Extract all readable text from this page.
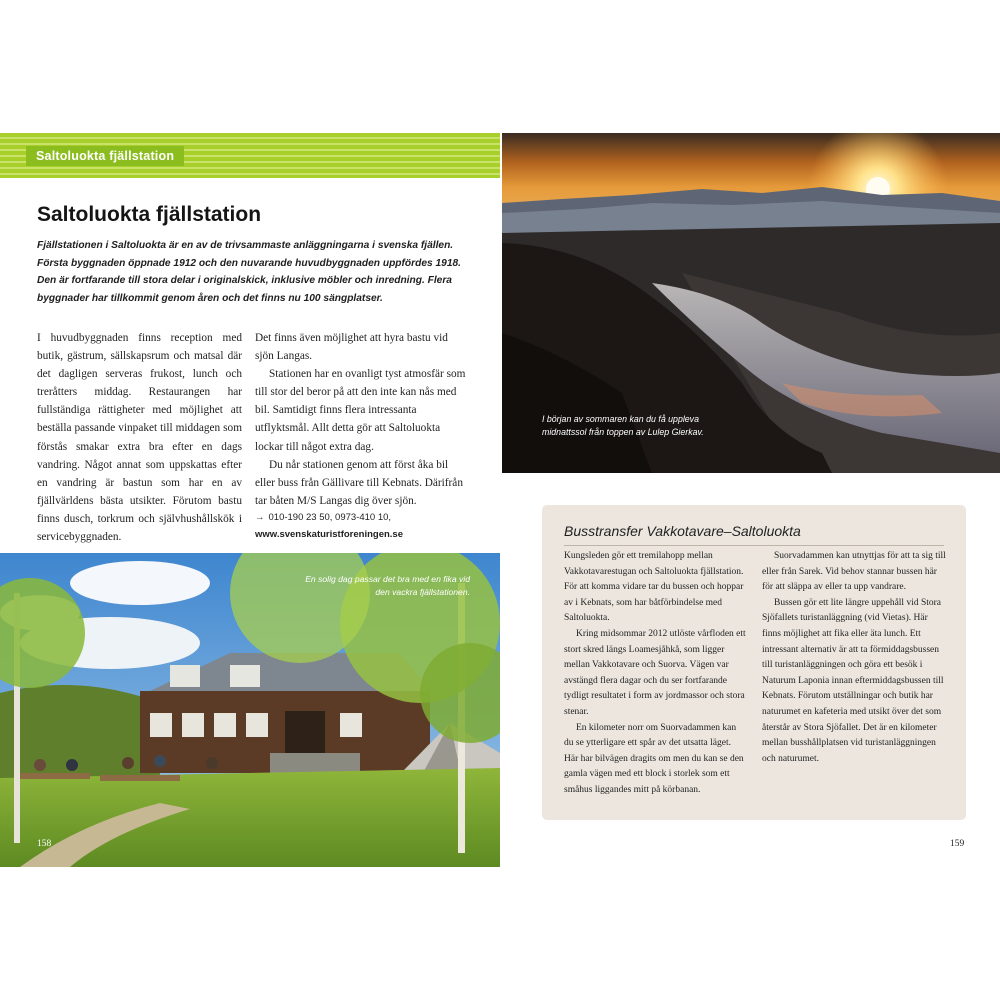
Saltoluokta fjällstation
Saltoluokta fjällstation

Fjällstationen i Saltoluokta är en av de trivsammaste anläggningarna i svenska fjällen. Första byggnaden öppnade 1912 och den nuvarande huvudbyggnaden uppfördes 1918. Den är fortfarande till stora delar i originalskick, inklusive möbler och inredning. Flera byggnader har tillkommit genom åren och det finns nu 100 sängplatser.

I huvudbyggnaden finns reception med butik, gästrum, sällskapsrum och matsal där det dagligen serveras frukost, lunch och treråtters middag. Restaurangen har fullständiga rättigheter med möjlighet att beställa passande vinpaket till middagen som förstås smakar extra bra efter en dags vandring. Något annat som uppskattas efter en vandring är bastun som har en av fjällvärldens bästa utsikter. Förutom bastu finns dusch, torkrum och självhushållskök i servicebyggnaden.

Det finns även möjlighet att hyra bastu vid sjön Langas.

Stationen har en ovanligt tyst atmosfär som till stor del beror på att den inte kan nås med bil. Samtidigt finns flera intressanta utflyktsmål. Allt detta gör att Saltoluokta lockar till något extra dag.

Du når stationen genom att först åka bil eller buss från Gällivare till Kebnats. Därifrån tar båten M/S Langas dig över sjön.

→ 010-190 23 50, 0973-410 10,
www.svenskaturistforeningen.se
En solig dag passar det bra med en fika vid den vackra fjällstationen.
158
I början av sommaren kan du få uppleva midnattssol från toppen av Lulep Gierkav.
Busstransfer Vakkotavare–Saltoluokta

Kungsleden gör ett tremilahopp mellan Vakkotavarestugan och Saltoluokta fjällstation. För att komma vidare tar du bussen och hoppar av i Kebnats, som har båtförbindelse med Saltoluokta.

Kring midsommar 2012 utlöste vårfloden ett stort skred längs Loamesjåhkå, som ligger mellan Vakkotavare och Suorva. Vägen var avstängd flera dagar och du ser fortfarande tydligt resultatet i form av jordmassor och stora stenar.

En kilometer norr om Suorvadammen kan du se ytterligare ett spår av det utsatta läget. Här har bilvägen dragits om men du kan se den gamla vägen med ett block i storlek som ett småhus liggandes mitt på körbanan.

Suorvadammen kan utnyttjas för att ta sig till eller från Sarek. Vid behov stannar bussen här för att släppa av eller ta upp vandrare.

Bussen gör ett lite längre uppehåll vid Stora Sjöfallets turistanläggning (vid Vietas). Här finns möjlighet att fika eller äta lunch. Ett intressant alternativ är att ta förmiddagsbussen till turistanläggningen och göra ett besök i Naturum Laponia innan eftermiddagsbussen till Kebnats. Förutom utställningar och butik har naturumet en kafeteria med utsikt över det som återstår av Stora Sjöfallet. Det är en kilometer mellan busshållplatsen vid turistanläggningen och naturumet.

159
